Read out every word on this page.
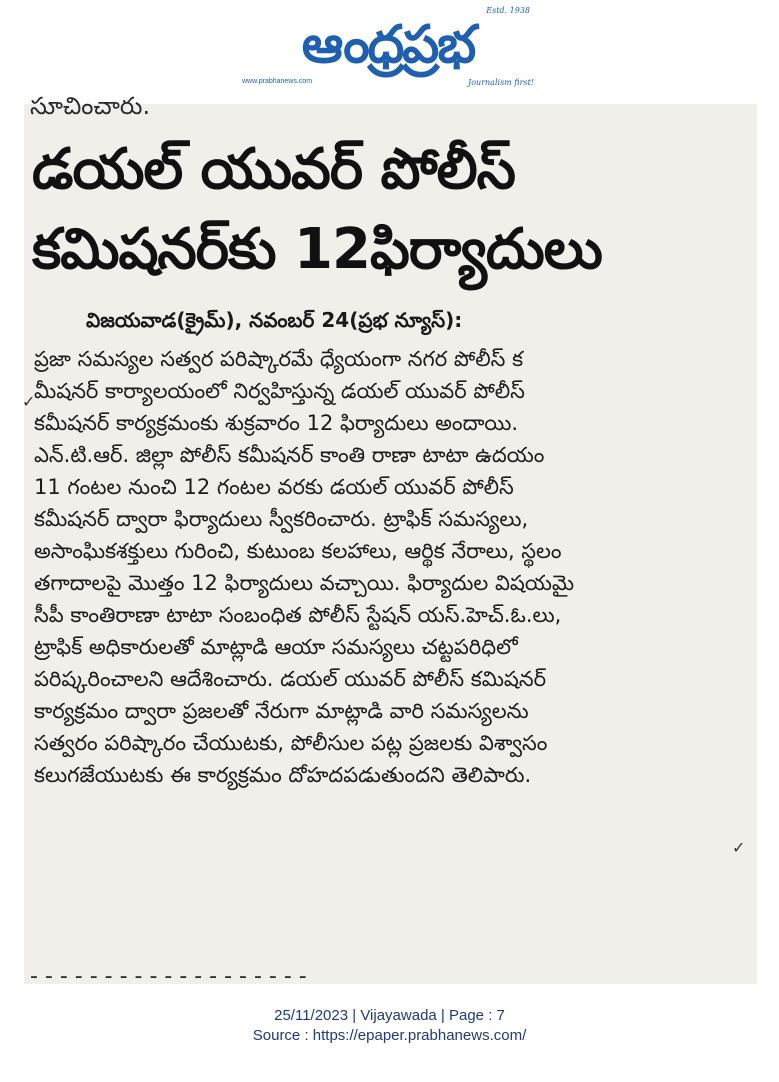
ఆంధ్రప్రభ
Estd. 1938
www.prabhanews.com	Journalism first!
సూచించారు.
డయల్ యువర్ పోలీస్
కమిషనర్‌కు 12ఫిర్యాదులు
విజయవాడ(క్రైమ్), నవంబర్ 24(ప్రభ న్యూస్):
ప్రజా సమస్యల సత్వర పరిష్కారమే ధ్యేయంగా నగర పోలీస్ క
మీషనర్ కార్యాలయంలో నిర్వహిస్తున్న డయల్ యువర్ పోలీస్
కమీషనర్ కార్యక్రమంకు శుక్రవారం 12 ఫిర్యాదులు అందాయి.
ఎన్.టి.ఆర్. జిల్లా పోలీస్ కమీషనర్ కాంతి రాణా టాటా ఉదయం
11 గంటల నుంచి 12 గంటల వరకు డయల్ యువర్ పోలీస్
కమీషనర్ ద్వారా ఫిర్యాదులు స్వీకరించారు. ట్రాఫిక్ సమస్యలు,
అసాంఘికశక్తులు గురించి, కుటుంబ కలహాలు, ఆర్థిక నేరాలు, స్థలం
తగాదాలపై మొత్తం 12 ఫిర్యాదులు వచ్చాయి. ఫిర్యాదుల విషయమై
సీపీ కాంతిరాణా టాటా సంబంధిత పోలీస్ స్టేషన్ యస్.హెచ్.ఓ.లు,
ట్రాఫిక్ అధికారులతో మాట్లాడి ఆయా సమస్యలు చట్టపరిధిలో
పరిష్కరించాలని ఆదేశించారు. డయల్ యువర్ పోలీస్ కమిషనర్
కార్యక్రమం ద్వారా ప్రజలతో నేరుగా మాట్లాడి వారి సమస్యలను
సత్వరం పరిష్కారం చేయుటకు, పోలీసుల పట్ల ప్రజలకు విశ్వాసం
కలుగజేయుటకు ఈ కార్యక్రమం దోహదపడుతుందని తెలిపారు.
✓
✓
- - - - - - - - - - - - - - - - - - -
25/11/2023 | Vijayawada | Page : 7
Source : https://epaper.prabhanews.com/
